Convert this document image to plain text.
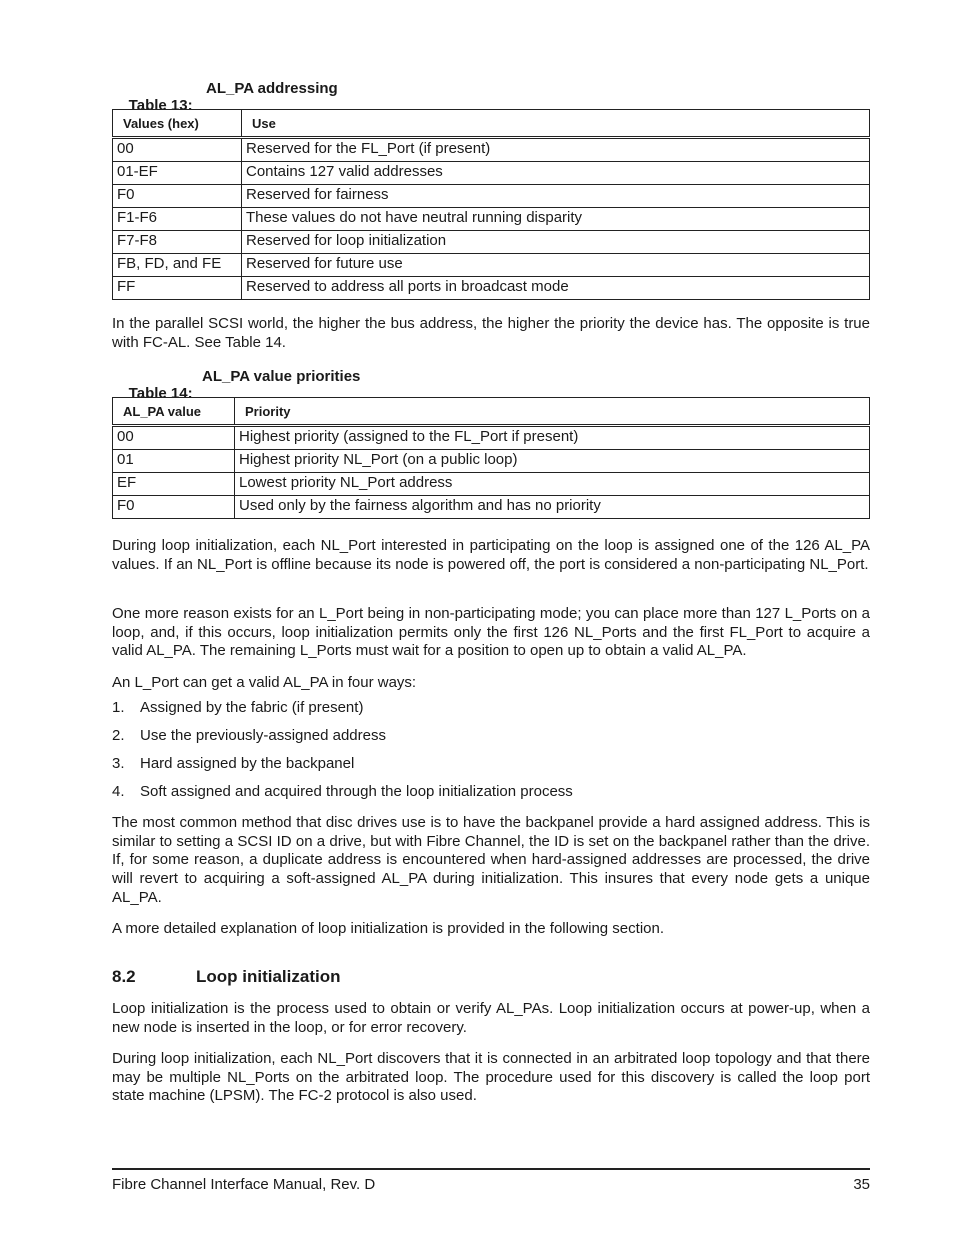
Table 13:

AL_PA addressing

Values (hex)	Use
00	Reserved for the FL_Port (if present)
01-EF	Contains 127 valid addresses
F0	Reserved for fairness
F1-F6	These values do not have neutral running disparity
F7-F8	Reserved for loop initialization
FB, FD, and FE	Reserved for future use
FF	Reserved to address all ports in broadcast mode

In the parallel SCSI world, the higher the bus address, the higher the priority the device has. The opposite is true with FC-AL. See Table 14.

Table 14:

AL_PA value priorities

AL_PA value	Priority
00	Highest priority (assigned to the FL_Port if present)
01	Highest priority NL_Port (on a public loop)
EF	Lowest priority NL_Port address
F0	Used only by the fairness algorithm and has no priority

During loop initialization, each NL_Port interested in participating on the loop is assigned one of the 126 AL_PA values. If an NL_Port is offline because its node is powered off, the port is considered a non-participating NL_Port.

One more reason exists for an L_Port being in non-participating mode; you can place more than 127 L_Ports on a loop, and, if this occurs, loop initialization permits only the first 126 NL_Ports and the first FL_Port to acquire a valid AL_PA. The remaining L_Ports must wait for a position to open up to obtain a valid AL_PA.

An L_Port can get a valid AL_PA in four ways:

1. Assigned by the fabric (if present)
2. Use the previously-assigned address
3. Hard assigned by the backpanel
4. Soft assigned and acquired through the loop initialization process

The most common method that disc drives use is to have the backpanel provide a hard assigned address. This is similar to setting a SCSI ID on a drive, but with Fibre Channel, the ID is set on the backpanel rather than the drive. If, for some reason, a duplicate address is encountered when hard-assigned addresses are processed, the drive will revert to acquiring a soft-assigned AL_PA during initialization. This insures that every node gets a unique AL_PA.

A more detailed explanation of loop initialization is provided in the following section.

8.2	Loop initialization

Loop initialization is the process used to obtain or verify AL_PAs. Loop initialization occurs at power-up, when a new node is inserted in the loop, or for error recovery.

During loop initialization, each NL_Port discovers that it is connected in an arbitrated loop topology and that there may be multiple NL_Ports on the arbitrated loop. The procedure used for this discovery is called the loop port state machine (LPSM). The FC-2 protocol is also used.

Fibre Channel Interface Manual, Rev. D	35
